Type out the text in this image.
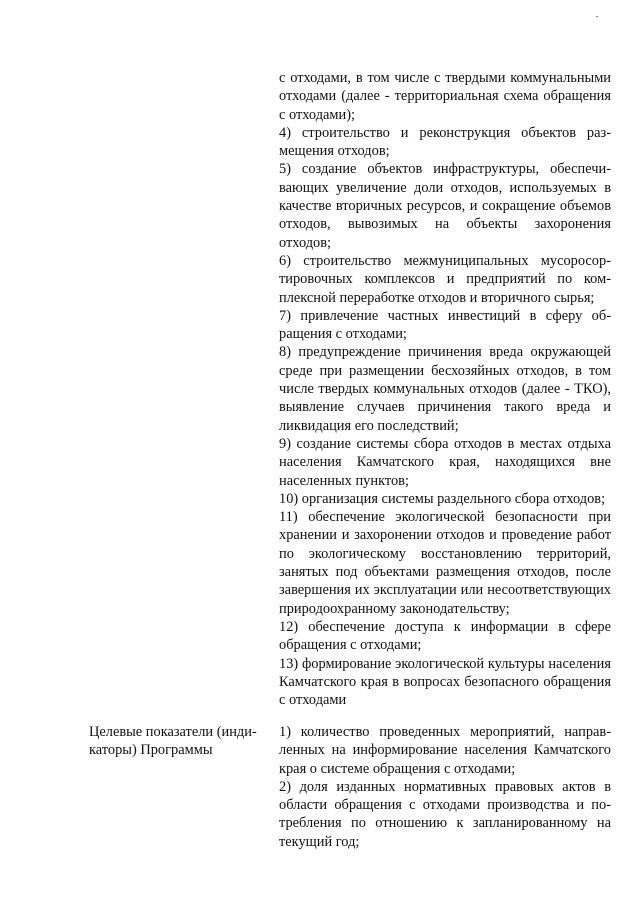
с отходами, в том числе с твердыми коммунальными отходами (далее - территориальная схема обращения с отходами);

4) строительство и реконструкция объектов размещения отходов;

5) создание объектов инфраструктуры, обеспечивающих увеличение доли отходов, используемых в качестве вторичных ресурсов, и сокращение объемов отходов, вывозимых на объекты захоронения отходов;

6) строительство межмуниципальных мусоросортировочных комплексов и предприятий по комплексной переработке отходов и вторичного сырья;

7) привлечение частных инвестиций в сферу обращения с отходами;

8) предупреждение причинения вреда окружающей среде при размещении бесхозяйных отходов, в том числе твердых коммунальных отходов (далее - ТКО), выявление случаев причинения такого вреда и ликвидация его последствий;

9) создание системы сбора отходов в местах отдыха населения Камчатского края, находящихся вне населенных пунктов;

10) организация системы раздельного сбора отходов;

11) обеспечение экологической безопасности при хранении и захоронении отходов и проведение работ по экологическому восстановлению территорий, занятых под объектами размещения отходов, после завершения их эксплуатации или несоответствующих природоохранному законодательству;

12) обеспечение доступа к информации в сфере обращения с отходами;

13) формирование экологической культуры населения Камчатского края в вопросах безопасного обращения с отходами

Целевые показатели (индикаторы) Программы

1) количество проведенных мероприятий, направленных на информирование населения Камчатского края о системе обращения с отходами;

2) доля изданных нормативных правовых актов в области обращения с отходами производства и потребления по отношению к запланированному на текущий год;
